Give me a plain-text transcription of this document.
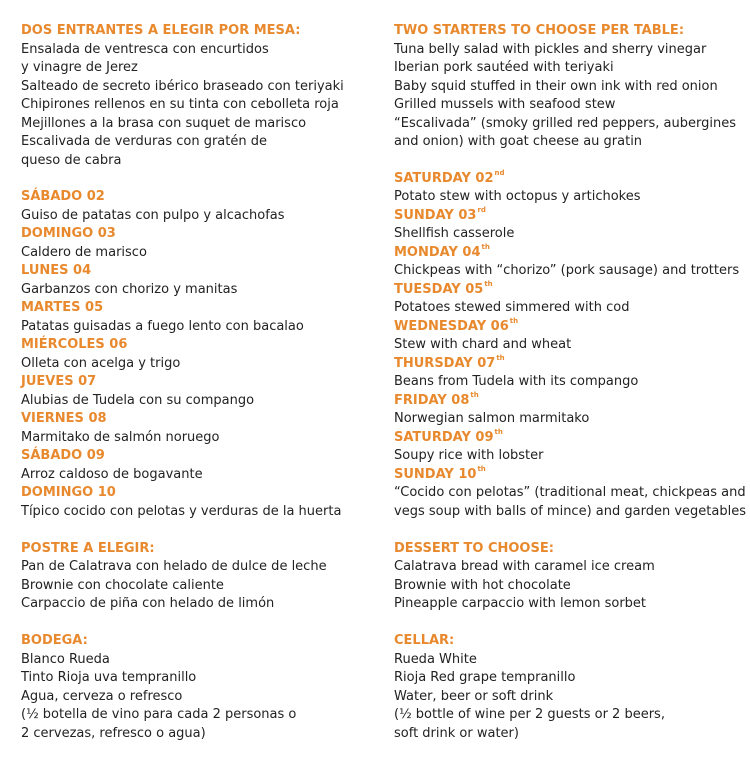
DOS ENTRANTES A ELEGIR POR MESA:
Ensalada de ventresca con encurtidos
y vinagre de Jerez
Salteado de secreto ibérico braseado con teriyaki
Chipirones rellenos en su tinta con cebolleta roja
Mejillones a la brasa con suquet de marisco
Escalivada de verduras con gratén de
queso de cabra
SÁBADO 02
Guiso de patatas con pulpo y alcachofas
DOMINGO 03
Caldero de marisco
LUNES 04
Garbanzos con chorizo y manitas
MARTES 05
Patatas guisadas a fuego lento con bacalao
MIÉRCOLES 06
Olleta con acelga y trigo
JUEVES 07
Alubias de Tudela con su compango
VIERNES 08
Marmitako de salmón noruego
SÁBADO 09
Arroz caldoso de bogavante
DOMINGO 10
Típico cocido con pelotas y verduras de la huerta
POSTRE A ELEGIR:
Pan de Calatrava con helado de dulce de leche
Brownie con chocolate caliente
Carpaccio de piña con helado de limón
BODEGA:
Blanco Rueda
Tinto Rioja uva tempranillo
Agua, cerveza o refresco
(½ botella de vino para cada 2 personas o
2 cervezas, refresco o agua)
TWO STARTERS TO CHOOSE PER TABLE:
Tuna belly salad with pickles and sherry vinegar
Iberian pork sautéed with teriyaki
Baby squid stuffed in their own ink with red onion
Grilled mussels with seafood stew
“Escalivada” (smoky grilled red peppers, aubergines
and onion) with goat cheese au gratin
SATURDAY 02nd
Potato stew with octopus y artichokes
SUNDAY 03rd
Shellfish casserole
MONDAY 04th
Chickpeas with “chorizo” (pork sausage) and trotters
TUESDAY 05th
Potatoes stewed simmered with cod
WEDNESDAY 06th
Stew with chard and wheat
THURSDAY 07th
Beans from Tudela with its compango
FRIDAY 08th
Norwegian salmon marmitako
SATURDAY 09th
Soupy rice with lobster
SUNDAY 10th
“Cocido con pelotas” (traditional meat, chickpeas and
vegs soup with balls of mince) and garden vegetables
DESSERT TO CHOOSE:
Calatrava bread with caramel ice cream
Brownie with hot chocolate
Pineapple carpaccio with lemon sorbet
CELLAR:
Rueda White
Rioja Red grape tempranillo
Water, beer or soft drink
(½ bottle of wine per 2 guests or 2 beers,
soft drink or water)
